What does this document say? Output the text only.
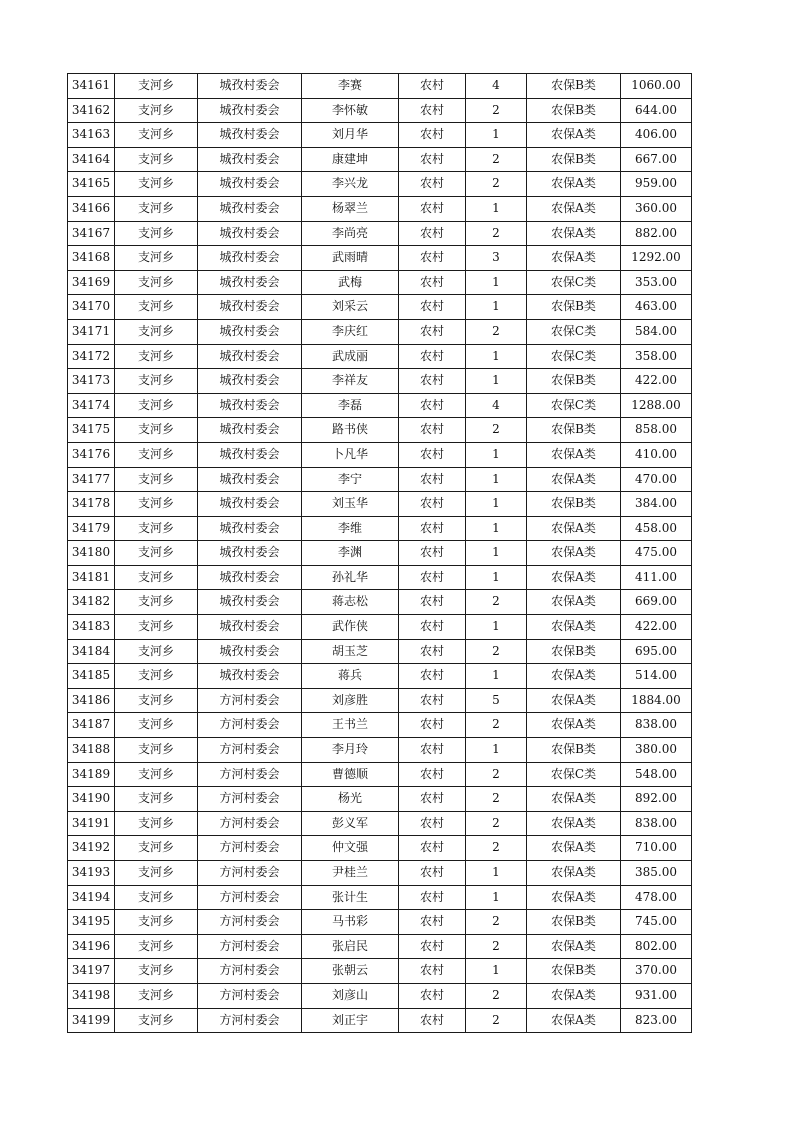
34161	支河乡	城孜村委会	李赛	农村	4	农保B类	1060.00
34162	支河乡	城孜村委会	李怀敏	农村	2	农保B类	644.00
34163	支河乡	城孜村委会	刘月华	农村	1	农保A类	406.00
34164	支河乡	城孜村委会	康建坤	农村	2	农保B类	667.00
34165	支河乡	城孜村委会	李兴龙	农村	2	农保A类	959.00
34166	支河乡	城孜村委会	杨翠兰	农村	1	农保A类	360.00
34167	支河乡	城孜村委会	李尚亮	农村	2	农保A类	882.00
34168	支河乡	城孜村委会	武雨晴	农村	3	农保A类	1292.00
34169	支河乡	城孜村委会	武梅	农村	1	农保C类	353.00
34170	支河乡	城孜村委会	刘采云	农村	1	农保B类	463.00
34171	支河乡	城孜村委会	李庆红	农村	2	农保C类	584.00
34172	支河乡	城孜村委会	武成丽	农村	1	农保C类	358.00
34173	支河乡	城孜村委会	李祥友	农村	1	农保B类	422.00
34174	支河乡	城孜村委会	李磊	农村	4	农保C类	1288.00
34175	支河乡	城孜村委会	路书侠	农村	2	农保B类	858.00
34176	支河乡	城孜村委会	卜凡华	农村	1	农保A类	410.00
34177	支河乡	城孜村委会	李宁	农村	1	农保A类	470.00
34178	支河乡	城孜村委会	刘玉华	农村	1	农保B类	384.00
34179	支河乡	城孜村委会	李维	农村	1	农保A类	458.00
34180	支河乡	城孜村委会	李渊	农村	1	农保A类	475.00
34181	支河乡	城孜村委会	孙礼华	农村	1	农保A类	411.00
34182	支河乡	城孜村委会	蒋志松	农村	2	农保A类	669.00
34183	支河乡	城孜村委会	武作侠	农村	1	农保A类	422.00
34184	支河乡	城孜村委会	胡玉芝	农村	2	农保B类	695.00
34185	支河乡	城孜村委会	蒋兵	农村	1	农保A类	514.00
34186	支河乡	方河村委会	刘彦胜	农村	5	农保A类	1884.00
34187	支河乡	方河村委会	王书兰	农村	2	农保A类	838.00
34188	支河乡	方河村委会	李月玲	农村	1	农保B类	380.00
34189	支河乡	方河村委会	曹德顺	农村	2	农保C类	548.00
34190	支河乡	方河村委会	杨光	农村	2	农保A类	892.00
34191	支河乡	方河村委会	彭义军	农村	2	农保A类	838.00
34192	支河乡	方河村委会	仲文强	农村	2	农保A类	710.00
34193	支河乡	方河村委会	尹桂兰	农村	1	农保A类	385.00
34194	支河乡	方河村委会	张计生	农村	1	农保A类	478.00
34195	支河乡	方河村委会	马书彩	农村	2	农保B类	745.00
34196	支河乡	方河村委会	张启民	农村	2	农保A类	802.00
34197	支河乡	方河村委会	张朝云	农村	1	农保B类	370.00
34198	支河乡	方河村委会	刘彦山	农村	2	农保A类	931.00
34199	支河乡	方河村委会	刘正宇	农村	2	农保A类	823.00
